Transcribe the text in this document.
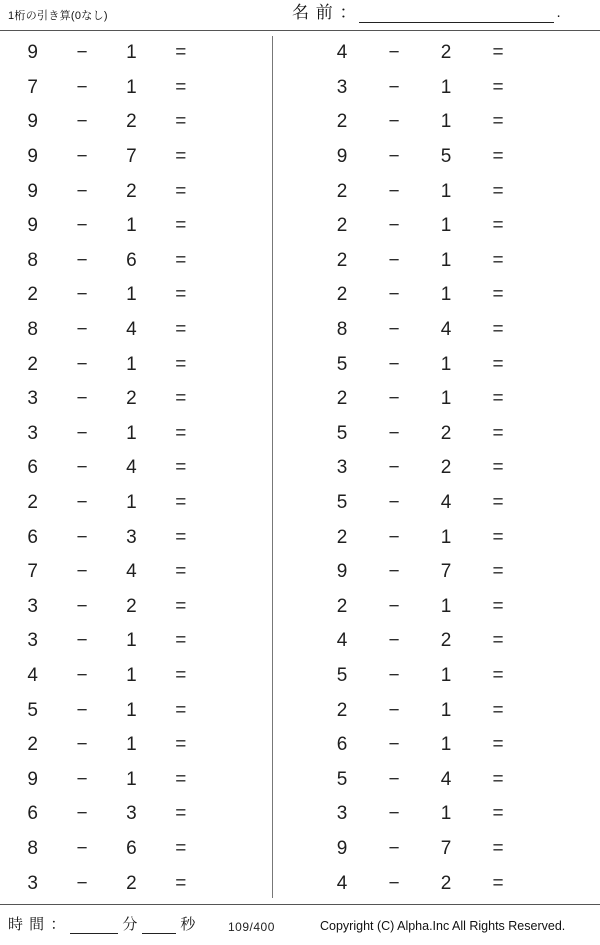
1桁の引き算(0なし)	名 前 ：	.
9	−	1	=
7	−	1	=
9	−	2	=
9	−	7	=
9	−	2	=
9	−	1	=
8	−	6	=
2	−	1	=
8	−	4	=
2	−	1	=
3	−	2	=
3	−	1	=
6	−	4	=
2	−	1	=
6	−	3	=
7	−	4	=
3	−	2	=
3	−	1	=
4	−	1	=
5	−	1	=
2	−	1	=
9	−	1	=
6	−	3	=
8	−	6	=
3	−	2	=
4	−	2	=
3	−	1	=
2	−	1	=
9	−	5	=
2	−	1	=
2	−	1	=
2	−	1	=
2	−	1	=
8	−	4	=
5	−	1	=
2	−	1	=
5	−	2	=
3	−	2	=
5	−	4	=
2	−	1	=
9	−	7	=
2	−	1	=
4	−	2	=
5	−	1	=
2	−	1	=
6	−	1	=
5	−	4	=
3	−	1	=
9	−	7	=
4	−	2	=
時 間 ：	分	秒	109/400	Copyright (C) Alpha.Inc All Rights Reserved.
